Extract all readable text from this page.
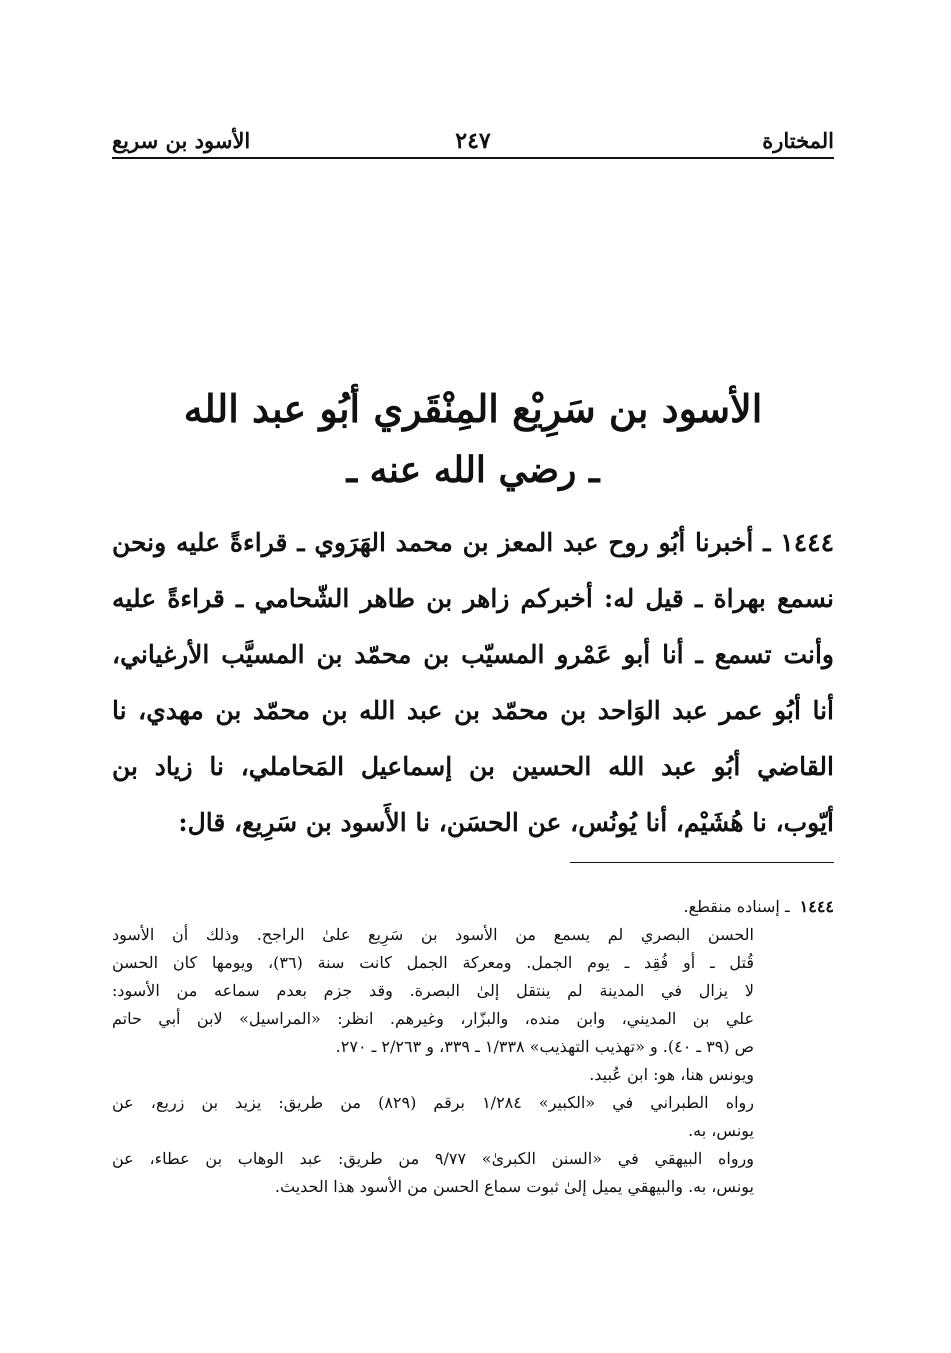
المختارة
٢٤٧
الأسود بن سريع
الأسود بن سَرِيْع المِنْقَري أبُو عبد الله
ـ رضي الله عنه ـ
١٤٤٤ ـ أخبرنا أبُو روح عبد المعز بن محمد الهَرَوي ـ قراءةً عليه ونحن
نسمع بهراة ـ قيل له: أخبركم زاهر بن طاهر الشّحامي ـ قراءةً عليه
وأنت تسمع ـ أنا أبو عَمْرو المسيّب بن محمّد بن المسيَّب الأرغياني،
أنا أبُو عمر عبد الوَاحد بن محمّد بن عبد الله بن محمّد بن مهدي، نا
القاضي أبُو عبد الله الحسين بن إسماعيل المَحاملي، نا زياد بن
أيّوب، نا هُشَيْم، أنا يُونُس، عن الحسَن، نا الأَسود بن سَرِيع، قال:
١٤٤٤ـ إسناده منقطع.
الحسن البصري لم يسمع من الأسود بن سَرِيع علىٰ الراجح. وذلك أن الأسود
قُتل ـ أو فُقِد ـ يوم الجمل. ومعركة الجمل كانت سنة (٣٦)، ويومها كان الحسن
لا يزال في المدينة لم ينتقل إلىٰ البصرة. وقد جزم بعدم سماعه من الأسود:
علي بن المديني، وابن منده، والبزّار، وغيرهم. انظر: «المراسيل» لابن أبي حاتم
ص (٣٩ ـ ٤٠). و «تهذيب التهذيب» ١/٣٣٨ ـ ٣٣٩، و ٢/٢٦٣ ـ ٢٧٠.
ويونس هنا، هو: ابن عُبيد.
رواه الطبراني في «الكبير» ١/٢٨٤ برقم (٨٢٩) من طريق: يزيد بن زريع، عن
يونس، به.
ورواه البيهقي في «السنن الكبرىٰ» ٩/٧٧ من طريق: عبد الوهاب بن عطاء، عن
يونس، به. والبيهقي يميل إلىٰ ثبوت سماع الحسن من الأسود هذا الحديث.
